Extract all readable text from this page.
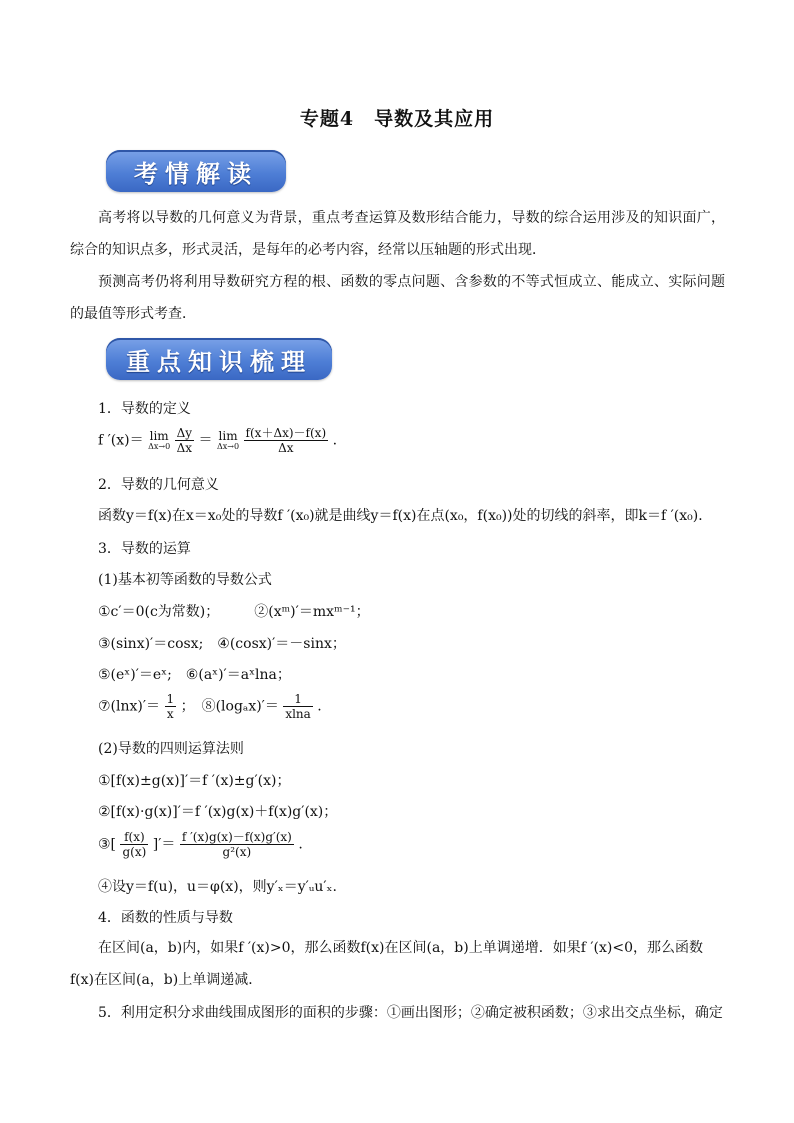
专题4　导数及其应用
考情解读
高考将以导数的几何意义为背景，重点考查运算及数形结合能力，导数的综合运用涉及的知识面广，综合的知识点多，形式灵活，是每年的必考内容，经常以压轴题的形式出现．
预测高考仍将利用导数研究方程的根、函数的零点问题、含参数的不等式恒成立、能成立、实际问题的最值等形式考查．
重点知识梳理
1．导数的定义
f ′(x)＝ lim
Δx→0
$\frac{\Delta y}{\Delta x} = \lim$
Δx→0
$\frac{f(x+\Delta x)-f(x)}{\Delta x}$ .
2．导数的几何意义
函数y＝f(x)在x＝x₀处的导数f ′(x₀)就是曲线y＝f(x)在点(x₀，f(x₀))处的切线的斜率，即k＝f ′(x₀)．
3．导数的运算
(1)基本初等函数的导数公式
①c′＝0(c为常数)；　　　②(xᵐ)′＝mxᵐ⁻¹；
③(sinx)′＝cosx;　④(cosx)′＝－sinx；
⑤(eˣ)′＝eˣ;　⑥(aˣ)′＝aˣlna；
⑦(lnx)′＝ $\frac{1}{x}$ ；　⑧(logₐx)′＝ $\frac{1}{xlna}$ .
(2)导数的四则运算法则
①[f(x)±g(x)]′＝f ′(x)±g′(x)；
②[f(x)·g(x)]′＝f ′(x)g(x)＋f(x)g′(x)；
③[ $\frac{f(x)}{g(x)}$ ]′＝ $\frac{f '(x)g(x)-f(x)g'(x)}{\text{g²(x)}}$ .
④设y＝f(u)，u＝φ(x)，则y′ₓ＝y′ᵤu′ₓ.
4．函数的性质与导数
在区间(a，b)内，如果f ′(x)>0，那么函数f(x)在区间(a，b)上单调递增．如果f ′(x)<0，那么函数f(x)在区间(a，b)上单调递减．
5．利用定积分求曲线围成图形的面积的步骤：①画出图形；②确定被积函数；③求出交点坐标，确定
